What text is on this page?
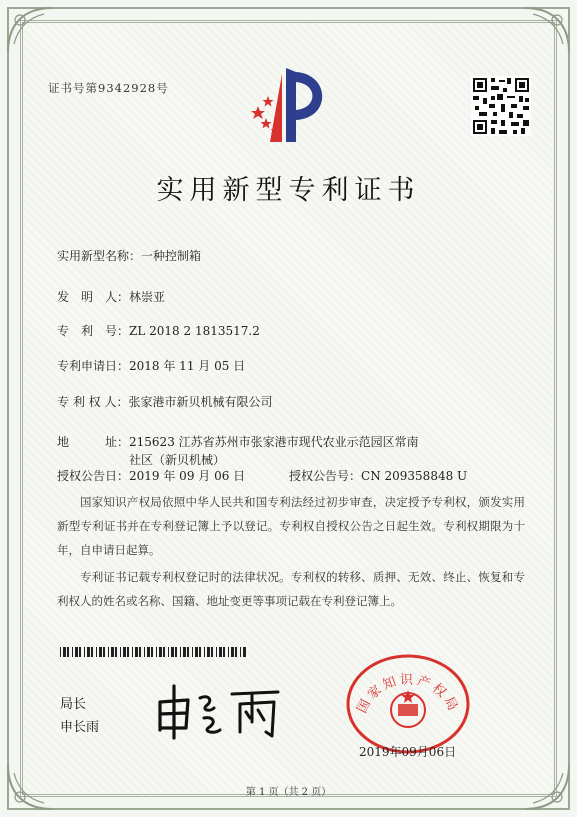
证书号第9342928号
实用新型专利证书
实用新型名称：一种控制箱
发　明　人：林崇亚
专　利　号：ZL 2018 2 1813517.2
专利申请日：2018 年 11 月 05 日
专 利 权 人：张家港市新贝机械有限公司
地　　　址：215623 江苏省苏州市张家港市现代农业示范园区常南社区（新贝机械）
授权公告日：2019 年 09 月 06 日	授权公告号：CN 209358848 U

国家知识产权局依照中华人民共和国专利法经过初步审查，决定授予专利权，颁发实用新型专利证书并在专利登记簿上予以登记。专利权自授权公告之日起生效。专利权期限为十年，自申请日起算。

专利证书记载专利权登记时的法律状况。专利权的转移、质押、无效、终止、恢复和专利权人的姓名或名称、国籍、地址变更等事项记载在专利登记簿上。

局长
申长雨
国家知识产权局
2019年09月06日
第 1 页（共 2 页）
